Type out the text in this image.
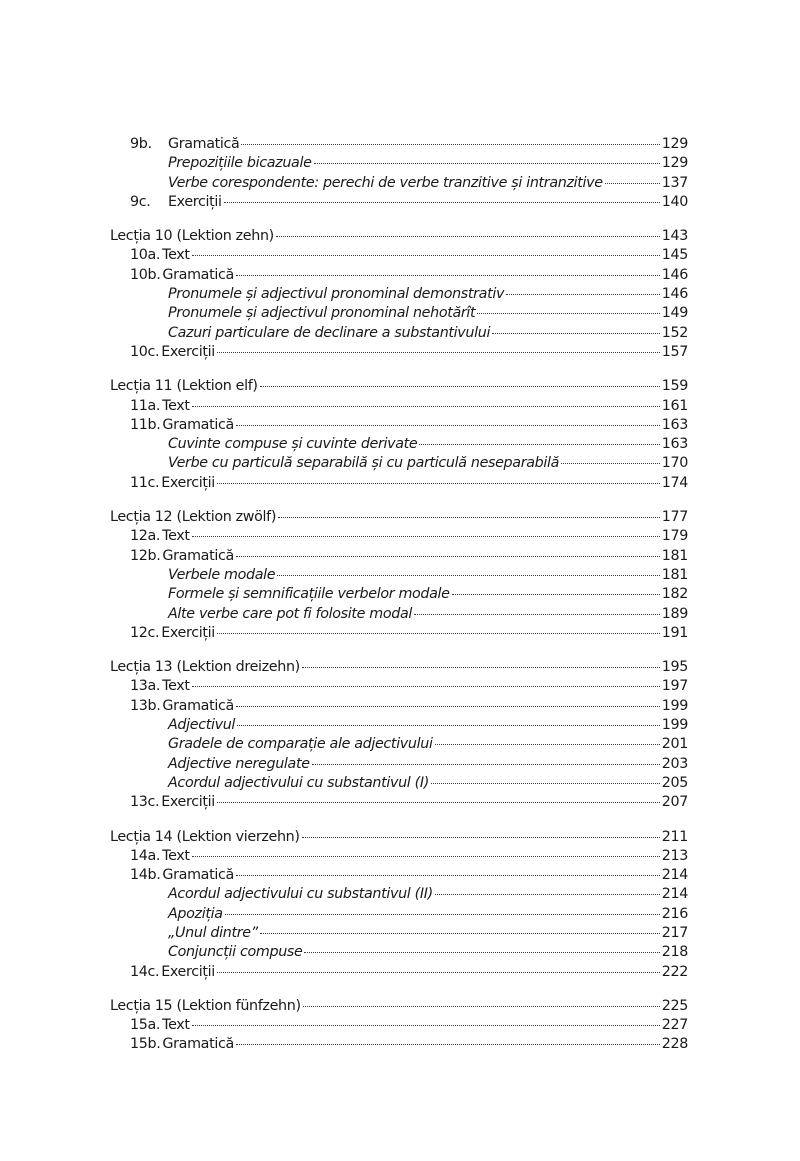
9b.	Gramatică	129
Prepozițiile bicazuale	129
Verbe corespondente: perechi de verbe tranzitive și intranzitive	137
9c.	Exerciții	140
Lecția 10 (Lektion zehn)	143
10a. Text	145
10b. Gramatică	146
Pronumele și adjectivul pronominal demonstrativ	146
Pronumele și adjectivul pronominal nehotărît	149
Cazuri particulare de declinare a substantivului	152
10c. Exerciții	157
Lecția 11 (Lektion elf)	159
11a. Text	161
11b. Gramatică	163
Cuvinte compuse și cuvinte derivate	163
Verbe cu particulă separabilă și cu particulă neseparabilă	170
11c. Exerciții	174
Lecția 12 (Lektion zwölf)	177
12a. Text	179
12b. Gramatică	181
Verbele modale	181
Formele și semnificațiile verbelor modale	182
Alte verbe care pot fi folosite modal	189
12c. Exerciții	191
Lecția 13 (Lektion dreizehn)	195
13a. Text	197
13b. Gramatică	199
Adjectivul	199
Gradele de comparație ale adjectivului	201
Adjective neregulate	203
Acordul adjectivului cu substantivul (I)	205
13c. Exerciții	207
Lecția 14 (Lektion vierzehn)	211
14a. Text	213
14b. Gramatică	214
Acordul adjectivului cu substantivul (II)	214
Apoziția	216
„Unul dintre”	217
Conjuncții compuse	218
14c. Exerciții	222
Lecția 15 (Lektion fünfzehn)	225
15a. Text	227
15b. Gramatică	228
